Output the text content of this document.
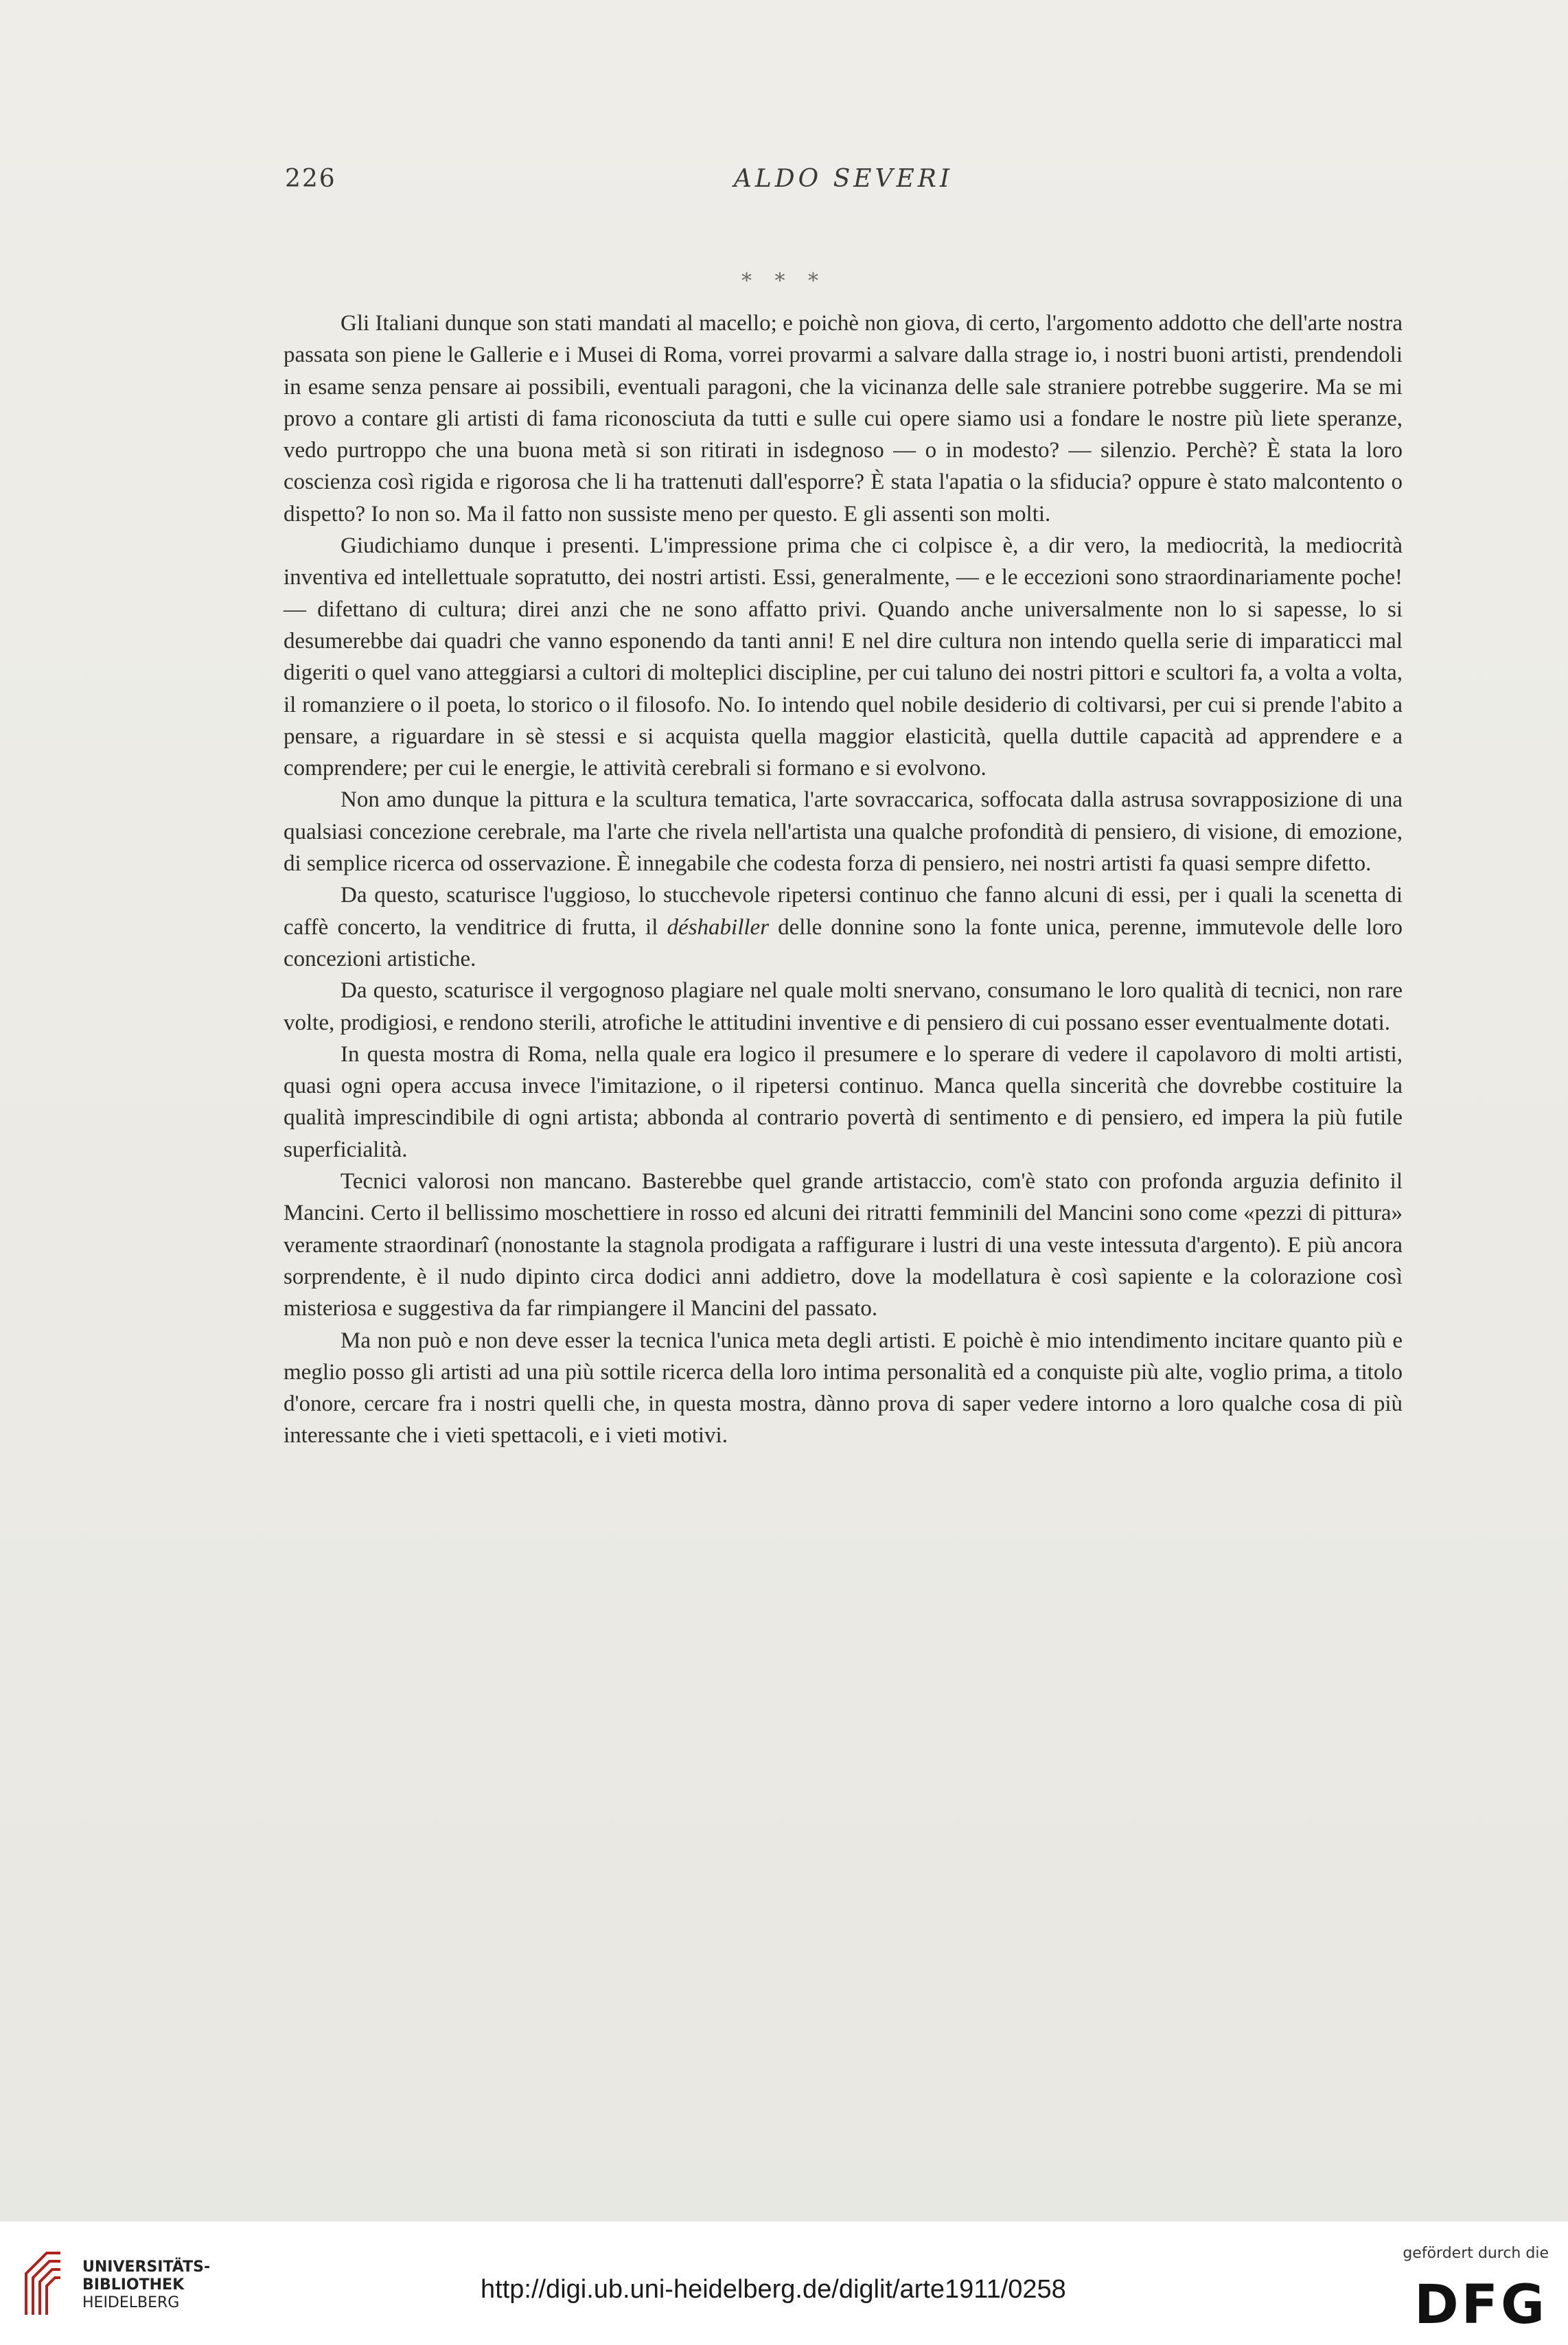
226	ALDO SEVERI
* * *

Gli Italiani dunque son stati mandati al macello; e poichè non giova, di certo, l'argomento addotto che dell'arte nostra passata son piene le Gallerie e i Musei di Roma, vorrei provarmi a salvare dalla strage io, i nostri buoni artisti, prendendoli in esame senza pensare ai possibili, eventuali paragoni, che la vicinanza delle sale straniere potrebbe suggerire. Ma se mi provo a contare gli artisti di fama riconosciuta da tutti e sulle cui opere siamo usi a fondare le nostre più liete speranze, vedo purtroppo che una buona metà si son ritirati in isdegnoso — o in modesto? — silenzio. Perchè? È stata la loro coscienza così rigida e rigorosa che li ha trattenuti dall'esporre? È stata l'apatia o la sfiducia? oppure è stato malcontento o dispetto? Io non so. Ma il fatto non sussiste meno per questo. E gli assenti son molti.

Giudichiamo dunque i presenti. L'impressione prima che ci colpisce è, a dir vero, la mediocrità, la mediocrità inventiva ed intellettuale sopratutto, dei nostri artisti. Essi, generalmente, — e le eccezioni sono straordinariamente poche! — difettano di cultura; direi anzi che ne sono affatto privi. Quando anche universalmente non lo si sapesse, lo si desumerebbe dai quadri che vanno esponendo da tanti anni! E nel dire cultura non intendo quella serie di imparaticci mal digeriti o quel vano atteggiarsi a cultori di molteplici discipline, per cui taluno dei nostri pittori e scultori fa, a volta a volta, il romanziere o il poeta, lo storico o il filosofo. No. Io intendo quel nobile desiderio di coltivarsi, per cui si prende l'abito a pensare, a riguardare in sè stessi e si acquista quella maggior elasticità, quella duttile capacità ad apprendere e a comprendere; per cui le energie, le attività cerebrali si formano e si evolvono.

Non amo dunque la pittura e la scultura tematica, l'arte sovraccarica, soffocata dalla astrusa sovrapposizione di una qualsiasi concezione cerebrale, ma l'arte che rivela nell'artista una qualche profondità di pensiero, di visione, di emozione, di semplice ricerca od osservazione. È innegabile che codesta forza di pensiero, nei nostri artisti fa quasi sempre difetto.

Da questo, scaturisce l'uggioso, lo stucchevole ripetersi continuo che fanno alcuni di essi, per i quali la scenetta di caffè concerto, la venditrice di frutta, il déshabiller delle donnine sono la fonte unica, perenne, immutevole delle loro concezioni artistiche.

Da questo, scaturisce il vergognoso plagiare nel quale molti snervano, consumano le loro qualità di tecnici, non rare volte, prodigiosi, e rendono sterili, atrofiche le attitudini inventive e di pensiero di cui possano esser eventualmente dotati.

In questa mostra di Roma, nella quale era logico il presumere e lo sperare di vedere il capolavoro di molti artisti, quasi ogni opera accusa invece l'imitazione, o il ripetersi continuo. Manca quella sincerità che dovrebbe costituire la qualità imprescindibile di ogni artista; abbonda al contrario povertà di sentimento e di pensiero, ed impera la più futile superficialità.

Tecnici valorosi non mancano. Basterebbe quel grande artistaccio, com'è stato con profonda arguzia definito il Mancini. Certo il bellissimo moschettiere in rosso ed alcuni dei ritratti femminili del Mancini sono come «pezzi di pittura» veramente straordinarî (nonostante la stagnola prodigata a raffigurare i lustri di una veste intessuta d'argento). E più ancora sorprendente, è il nudo dipinto circa dodici anni addietro, dove la modellatura è così sapiente e la colorazione così misteriosa e suggestiva da far rimpiangere il Mancini del passato.

Ma non può e non deve esser la tecnica l'unica meta degli artisti. E poichè è mio intendimento incitare quanto più e meglio posso gli artisti ad una più sottile ricerca della loro intima personalità ed a conquiste più alte, voglio prima, a titolo d'onore, cercare fra i nostri quelli che, in questa mostra, dànno prova di saper vedere intorno a loro qualche cosa di più interessante che i vieti spettacoli, e i vieti motivi.

UNIVERSITÄTS-
BIBLIOTHEK
HEIDELBERG	http://digi.ub.uni-heidelberg.de/diglit/arte1911/0258
gefördert durch die
DFG
